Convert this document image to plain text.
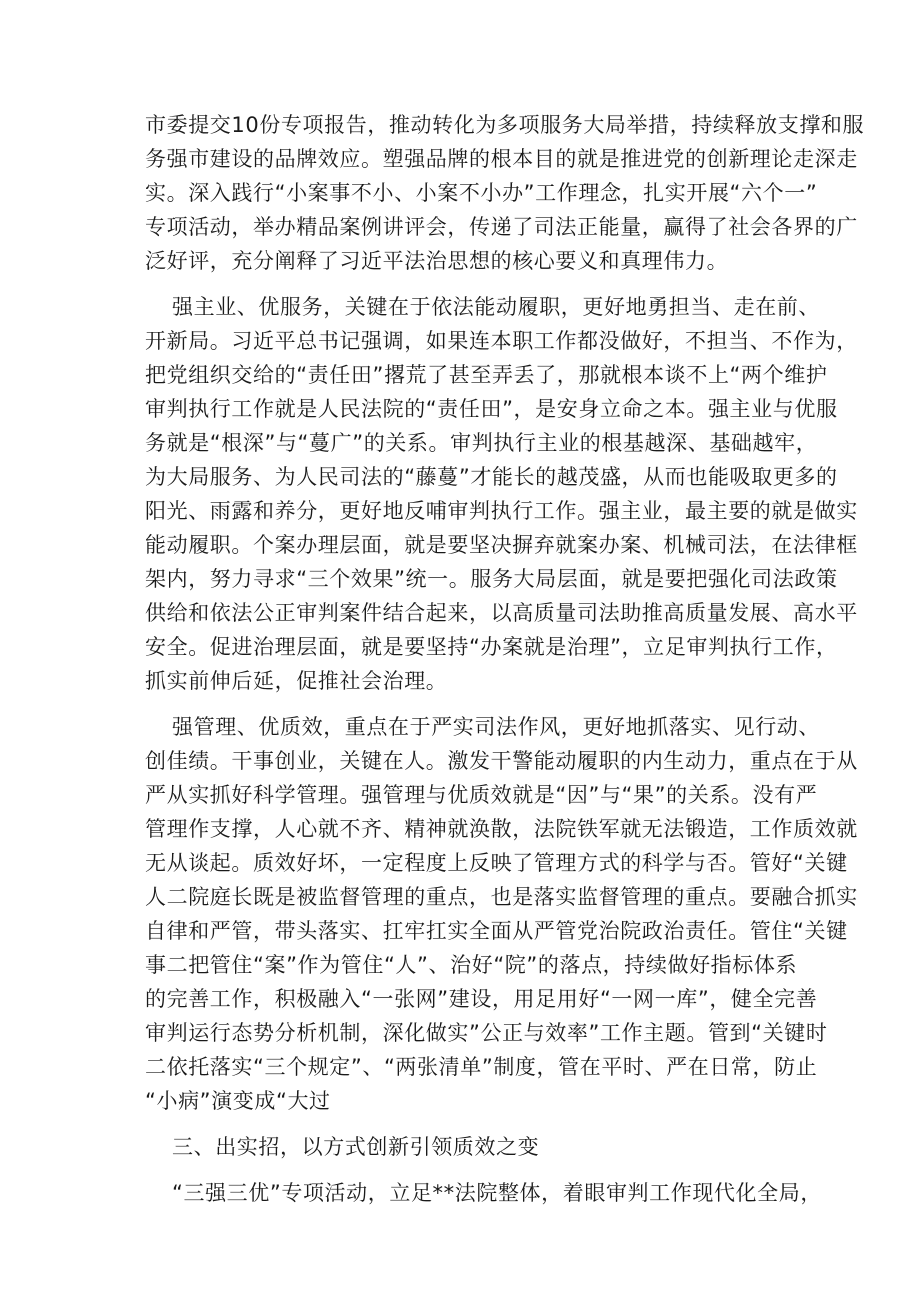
市委提交10份专项报告，推动转化为多项服务大局举措，持续释放支撑和服
务强市建设的品牌效应。塑强品牌的根本目的就是推进党的创新理论走深走
实。深入践行“小案事不小、小案不小办”工作理念，扎实开展“六个一”
专项活动，举办精品案例讲评会，传递了司法正能量，赢得了社会各界的广
泛好评，充分阐释了习近平法治思想的核心要义和真理伟力。
强主业、优服务，关键在于依法能动履职，更好地勇担当、走在前、
开新局。习近平总书记强调，如果连本职工作都没做好，不担当、不作为，
把党组织交给的“责任田”撂荒了甚至弄丢了，那就根本谈不上“两个维护
审判执行工作就是人民法院的“责任田”，是安身立命之本。强主业与优服
务就是“根深”与“蔓广”的关系。审判执行主业的根基越深、基础越牢，
为大局服务、为人民司法的“藤蔓”才能长的越茂盛，从而也能吸取更多的
阳光、雨露和养分，更好地反哺审判执行工作。强主业，最主要的就是做实
能动履职。个案办理层面，就是要坚决摒弃就案办案、机械司法，在法律框
架内，努力寻求“三个效果”统一。服务大局层面，就是要把强化司法政策
供给和依法公正审判案件结合起来，以高质量司法助推高质量发展、高水平
安全。促进治理层面，就是要坚持“办案就是治理”，立足审判执行工作，
抓实前伸后延，促推社会治理。
强管理、优质效，重点在于严实司法作风，更好地抓落实、见行动、
创佳绩。干事创业，关键在人。激发干警能动履职的内生动力，重点在于从
严从实抓好科学管理。强管理与优质效就是“因”与“果”的关系。没有严
管理作支撑，人心就不齐、精神就涣散，法院铁军就无法锻造，工作质效就
无从谈起。质效好坏，一定程度上反映了管理方式的科学与否。管好“关键
人二院庭长既是被监督管理的重点，也是落实监督管理的重点。要融合抓实
自律和严管，带头落实、扛牢扛实全面从严管党治院政治责任。管住“关键
事二把管住“案”作为管住“人”、治好“院”的落点，持续做好指标体系
的完善工作，积极融入“一张网”建设，用足用好“一网一库”，健全完善
审判运行态势分析机制，深化做实”公正与效率”工作主题。管到“关键时
二依托落实“三个规定”、“两张清单”制度，管在平时、严在日常，防止
“小病”演变成“大过
三、出实招，以方式创新引领质效之变
“三强三优”专项活动，立足**法院整体，着眼审判工作现代化全局，
